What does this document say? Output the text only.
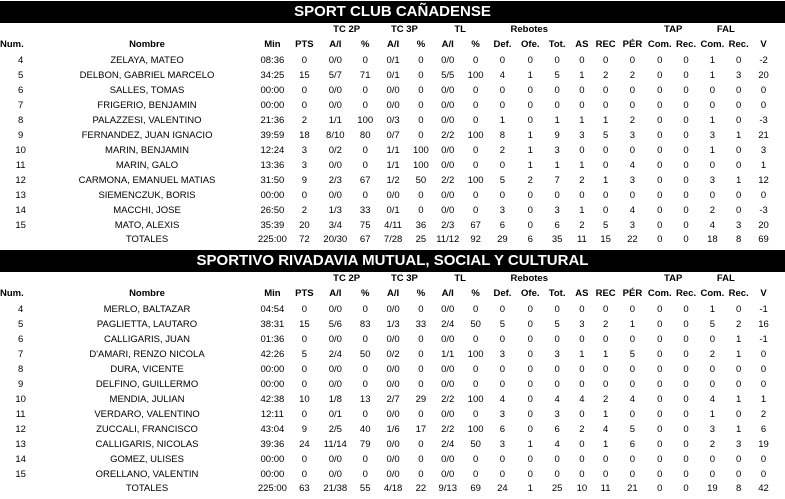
SPORT CLUB CAÑADENSE
				TC 2P		TC 3P		TL		Rebotes						TAP		FAL		
Num.	Nombre	Min	PTS	A/I	%	A/I	%	A/I	%	Def.	Ofe.	Tot.	AS	REC	PÉR	Com.	Rec.	Com.	Rec.	V
4	ZELAYA, MATEO	08:36	0	0/0	0	0/1	0	0/0	0	0	0	0	0	0	0	0	0	1	0	-2
5	DELBON, GABRIEL MARCELO	34:25	15	5/7	71	0/1	0	5/5	100	4	1	5	1	2	2	0	0	1	3	20
6	SALLES, TOMAS	00:00	0	0/0	0	0/0	0	0/0	0	0	0	0	0	0	0	0	0	0	0	0
7	FRIGERIO, BENJAMIN	00:00	0	0/0	0	0/0	0	0/0	0	0	0	0	0	0	0	0	0	0	0	0
8	PALAZZESI, VALENTINO	21:36	2	1/1	100	0/3	0	0/0	0	1	0	1	1	1	2	0	0	1	0	-3
9	FERNANDEZ, JUAN IGNACIO	39:59	18	8/10	80	0/7	0	2/2	100	8	1	9	3	5	3	0	0	3	1	21
10	MARIN, BENJAMIN	12:24	3	0/2	0	1/1	100	0/0	0	2	1	3	0	0	0	0	0	1	0	3
11	MARIN, GALO	13:36	3	0/0	0	1/1	100	0/0	0	0	1	1	1	0	4	0	0	0	0	1
12	CARMONA, EMANUEL MATIAS	31:50	9	2/3	67	1/2	50	2/2	100	5	2	7	2	1	3	0	0	3	1	12
13	SIEMENCZUK, BORIS	00:00	0	0/0	0	0/0	0	0/0	0	0	0	0	0	0	0	0	0	0	0	0
14	MACCHI, JOSE	26:50	2	1/3	33	0/1	0	0/0	0	3	0	3	1	0	4	0	0	2	0	-3
15	MATO, ALEXIS	35:39	20	3/4	75	4/11	36	2/3	67	6	0	6	2	5	3	0	0	4	3	20
	TOTALES	225:00	72	20/30	67	7/28	25	11/12	92	29	6	35	11	15	22	0	0	18	8	69
SPORTIVO RIVADAVIA MUTUAL, SOCIAL Y CULTURAL
				TC 2P		TC 3P		TL		Rebotes						TAP		FAL		
Num.	Nombre	Min	PTS	A/I	%	A/I	%	A/I	%	Def.	Ofe.	Tot.	AS	REC	PÉR	Com.	Rec.	Com.	Rec.	V
4	MERLO, BALTAZAR	04:54	0	0/0	0	0/0	0	0/0	0	0	0	0	0	0	0	0	0	1	0	-1
5	PAGLIETTA, LAUTARO	38:31	15	5/6	83	1/3	33	2/4	50	5	0	5	3	2	1	0	0	5	2	16
6	CALLIGARIS, JUAN	01:36	0	0/0	0	0/0	0	0/0	0	0	0	0	0	0	0	0	0	0	1	-1
7	D'AMARI, RENZO NICOLA	42:26	5	2/4	50	0/2	0	1/1	100	3	0	3	1	1	5	0	0	2	1	0
8	DURA, VICENTE	00:00	0	0/0	0	0/0	0	0/0	0	0	0	0	0	0	0	0	0	0	0	0
9	DELFINO, GUILLERMO	00:00	0	0/0	0	0/0	0	0/0	0	0	0	0	0	0	0	0	0	0	0	0
10	MENDIA, JULIAN	42:38	10	1/8	13	2/7	29	2/2	100	4	0	4	4	2	4	0	0	4	1	1
11	VERDARO, VALENTINO	12:11	0	0/1	0	0/0	0	0/0	0	3	0	3	0	1	0	0	0	1	0	2
12	ZUCCALI, FRANCISCO	43:04	9	2/5	40	1/6	17	2/2	100	6	0	6	2	4	5	0	0	3	1	6
13	CALLIGARIS, NICOLAS	39:36	24	11/14	79	0/0	0	2/4	50	3	1	4	0	1	6	0	0	2	3	19
14	GOMEZ, ULISES	00:00	0	0/0	0	0/0	0	0/0	0	0	0	0	0	0	0	0	0	0	0	0
15	ORELLANO, VALENTIN	00:00	0	0/0	0	0/0	0	0/0	0	0	0	0	0	0	0	0	0	0	0	0
	TOTALES	225:00	63	21/38	55	4/18	22	9/13	69	24	1	25	10	11	21	0	0	19	8	42
